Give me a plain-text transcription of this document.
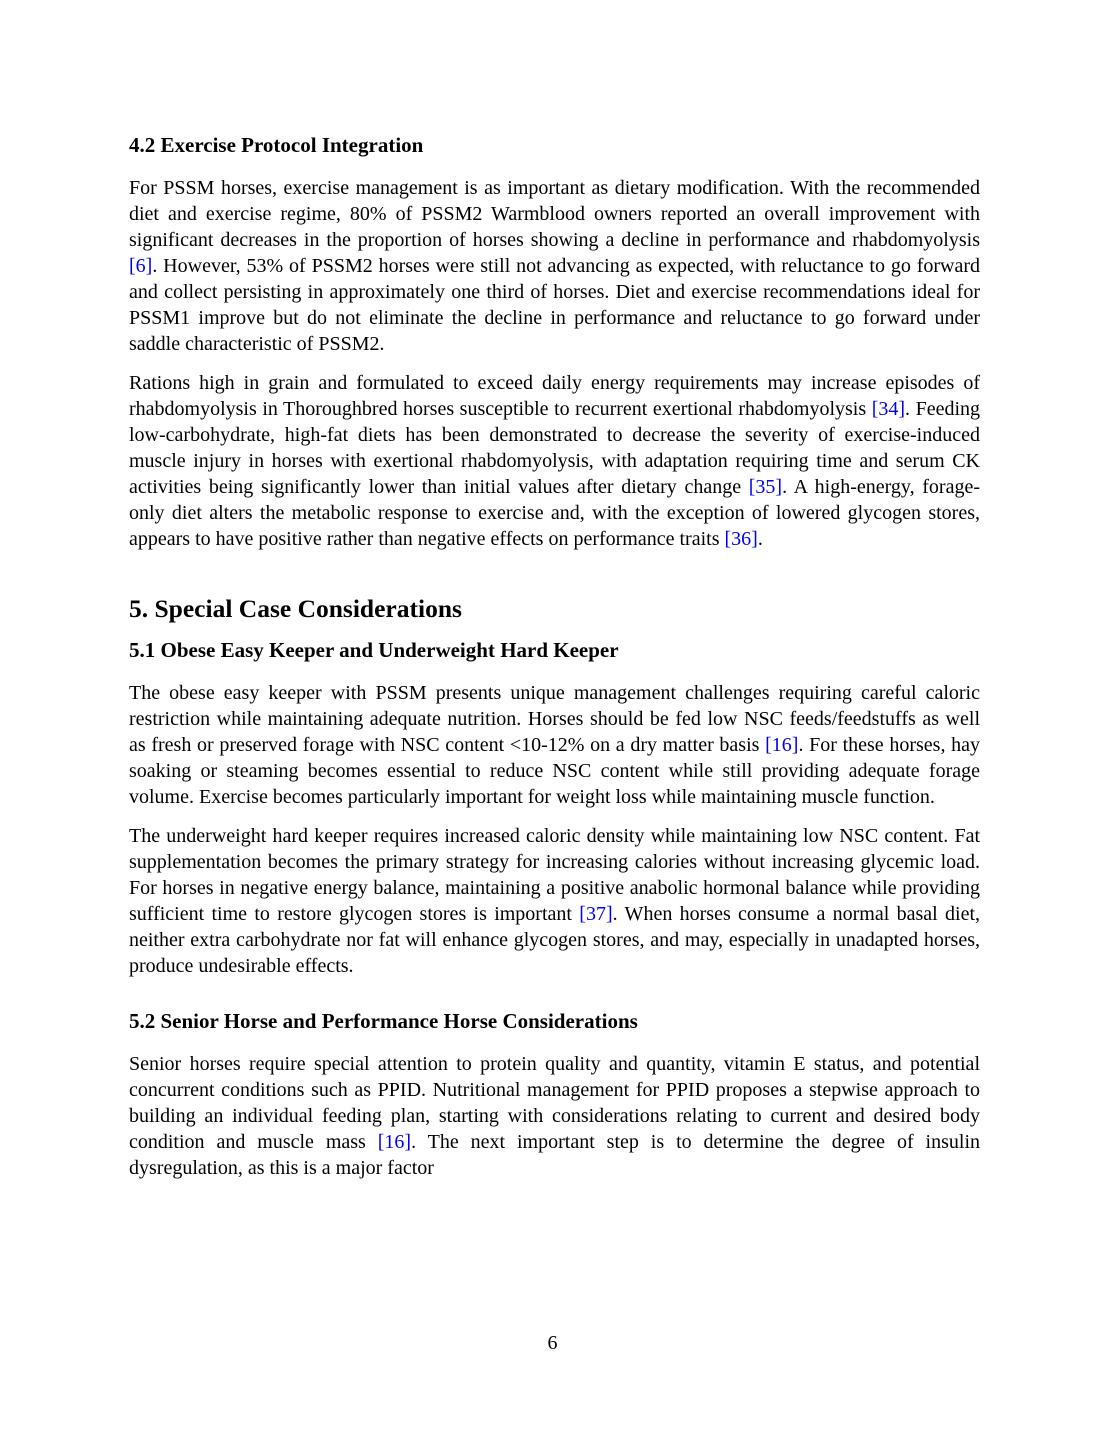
4.2 Exercise Protocol Integration

For PSSM horses, exercise management is as important as dietary modification. With the recommended diet and exercise regime, 80% of PSSM2 Warmblood owners reported an overall improvement with significant decreases in the proportion of horses showing a decline in performance and rhabdomyolysis [6]. However, 53% of PSSM2 horses were still not advancing as expected, with reluctance to go forward and collect persisting in approximately one third of horses. Diet and exercise recommendations ideal for PSSM1 improve but do not eliminate the decline in performance and reluctance to go forward under saddle characteristic of PSSM2.

Rations high in grain and formulated to exceed daily energy requirements may increase episodes of rhabdomyolysis in Thoroughbred horses susceptible to recurrent exertional rhabdomyolysis [34]. Feeding low-carbohydrate, high-fat diets has been demonstrated to decrease the severity of exercise-induced muscle injury in horses with exertional rhabdomyolysis, with adaptation requiring time and serum CK activities being significantly lower than initial values after dietary change [35]. A high-energy, forage-only diet alters the metabolic response to exercise and, with the exception of lowered glycogen stores, appears to have positive rather than negative effects on performance traits [36].

5. Special Case Considerations
5.1 Obese Easy Keeper and Underweight Hard Keeper

The obese easy keeper with PSSM presents unique management challenges requiring careful caloric restriction while maintaining adequate nutrition. Horses should be fed low NSC feeds/feedstuffs as well as fresh or preserved forage with NSC content <10-12% on a dry matter basis [16]. For these horses, hay soaking or steaming becomes essential to reduce NSC content while still providing adequate forage volume. Exercise becomes particularly important for weight loss while maintaining muscle function.

The underweight hard keeper requires increased caloric density while maintaining low NSC content. Fat supplementation becomes the primary strategy for increasing calories without increasing glycemic load. For horses in negative energy balance, maintaining a positive anabolic hormonal balance while providing sufficient time to restore glycogen stores is important [37]. When horses consume a normal basal diet, neither extra carbohydrate nor fat will enhance glycogen stores, and may, especially in unadapted horses, produce undesirable effects.

5.2 Senior Horse and Performance Horse Considerations

Senior horses require special attention to protein quality and quantity, vitamin E status, and potential concurrent conditions such as PPID. Nutritional management for PPID proposes a stepwise approach to building an individual feeding plan, starting with considerations relating to current and desired body condition and muscle mass [16]. The next important step is to determine the degree of insulin dysregulation, as this is a major factor

6
